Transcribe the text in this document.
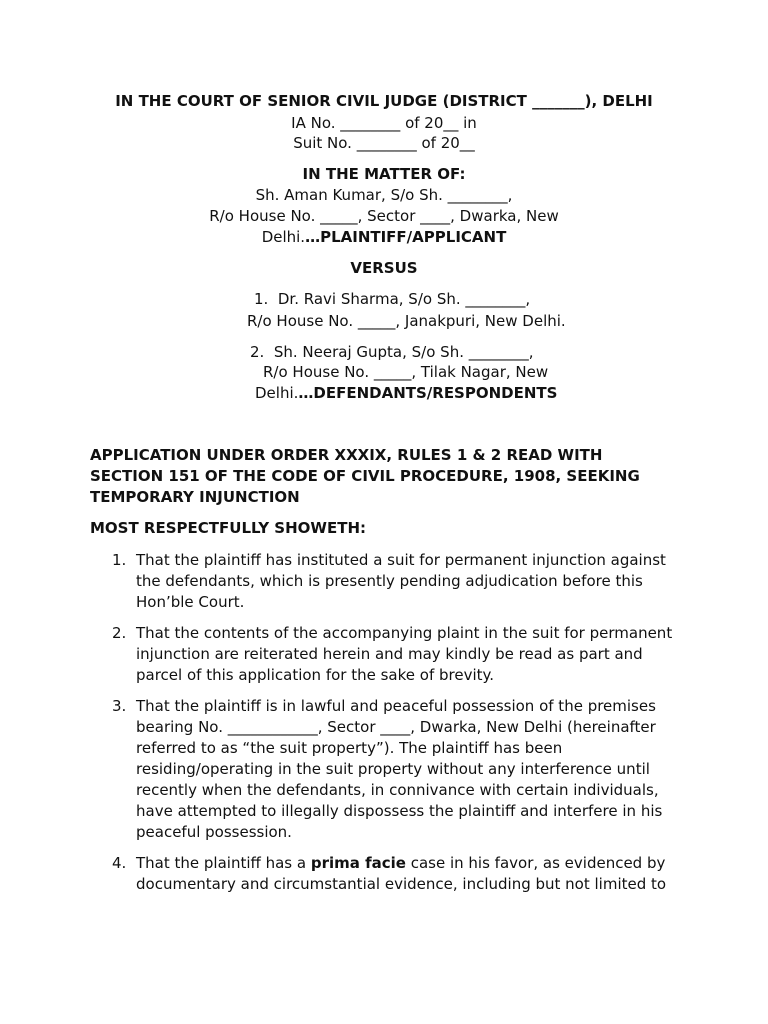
IN THE COURT OF SENIOR CIVIL JUDGE (DISTRICT _______), DELHI
IA No. ________ of 20__ in
Suit No. ________ of 20__
IN THE MATTER OF:
Sh. Aman Kumar, S/o Sh. ________,
R/o House No. _____, Sector ____, Dwarka, New
Delhi.…PLAINTIFF/APPLICANT
VERSUS
1. Dr. Ravi Sharma, S/o Sh. ________,
R/o House No. _____, Janakpuri, New Delhi.
2. Sh. Neeraj Gupta, S/o Sh. ________,
R/o House No. _____, Tilak Nagar, New
Delhi.…DEFENDANTS/RESPONDENTS
APPLICATION UNDER ORDER XXXIX, RULES 1 & 2 READ WITH SECTION 151 OF THE CODE OF CIVIL PROCEDURE, 1908, SEEKING TEMPORARY INJUNCTION
MOST RESPECTFULLY SHOWETH:
1. That the plaintiff has instituted a suit for permanent injunction against the defendants, which is presently pending adjudication before this Hon’ble Court.
2. That the contents of the accompanying plaint in the suit for permanent injunction are reiterated herein and may kindly be read as part and parcel of this application for the sake of brevity.
3. That the plaintiff is in lawful and peaceful possession of the premises bearing No. ____________, Sector ____, Dwarka, New Delhi (hereinafter referred to as “the suit property”). The plaintiff has been residing/operating in the suit property without any interference until recently when the defendants, in connivance with certain individuals, have attempted to illegally dispossess the plaintiff and interfere in his peaceful possession.
4. That the plaintiff has a prima facie case in his favor, as evidenced by documentary and circumstantial evidence, including but not limited to
